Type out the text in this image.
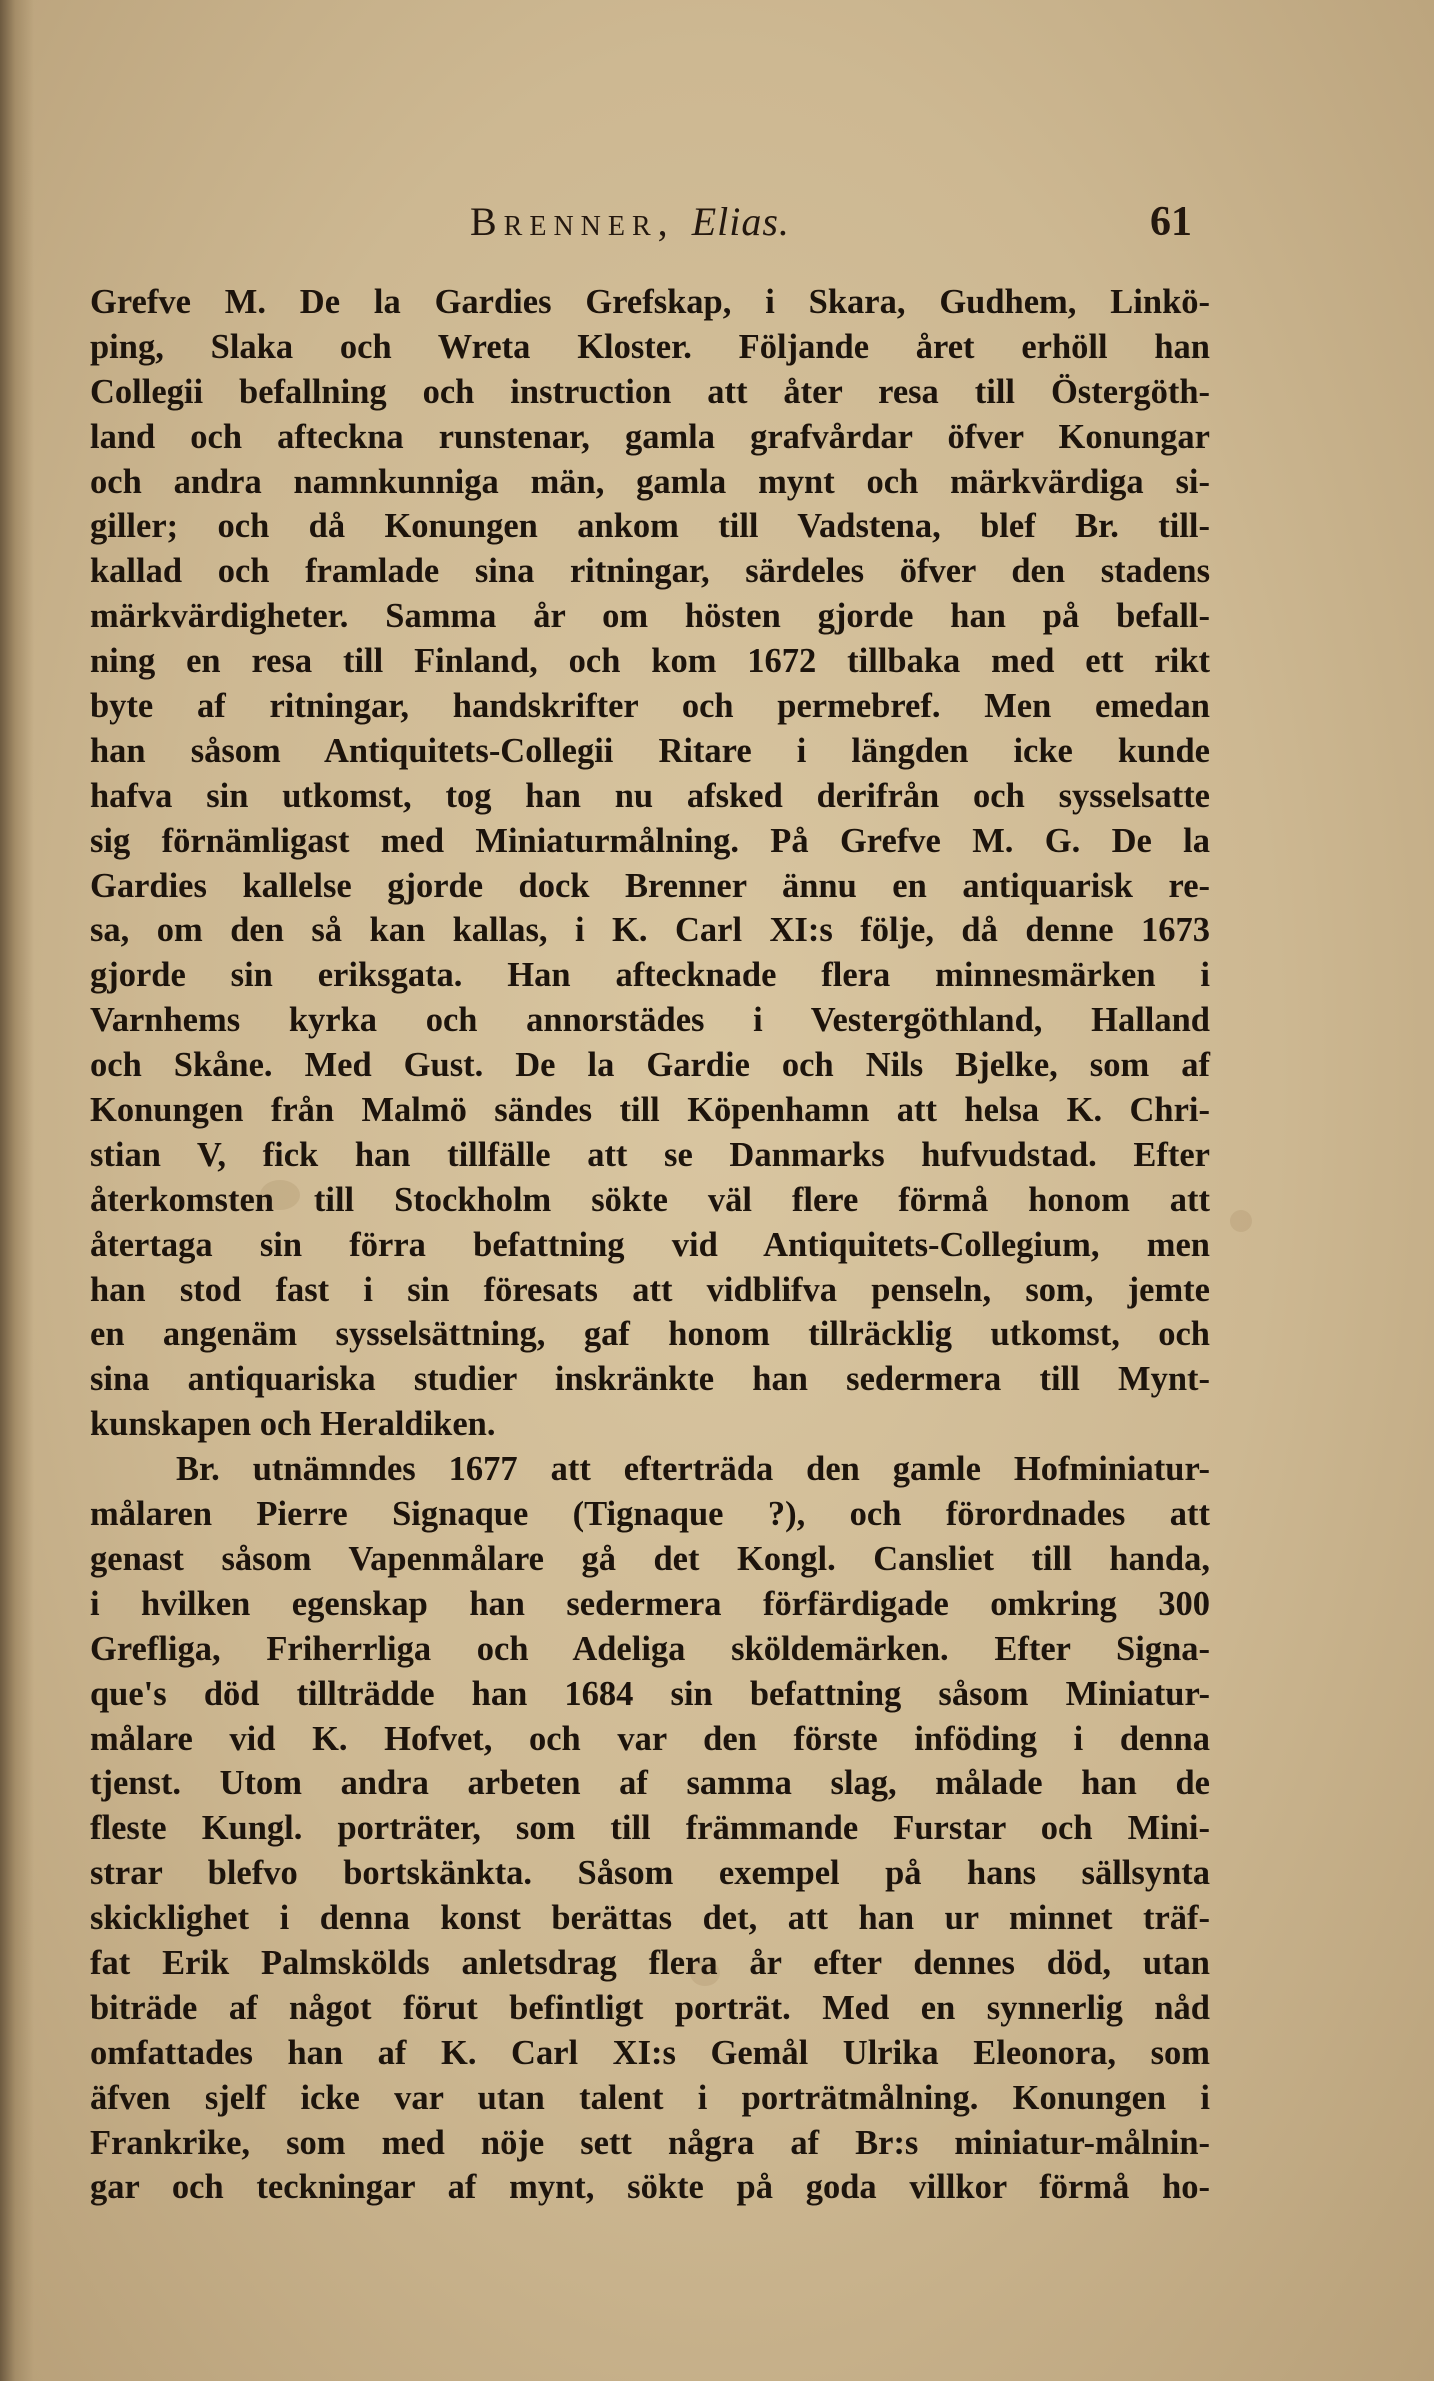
Brenner, Elias.	61
Grefve M. De la Gardies Grefskap, i Skara, Gudhem, Linkö-
ping, Slaka och Wreta Kloster. Följande året erhöll han
Collegii befallning och instruction att åter resa till Östergöth-
land och afteckna runstenar, gamla grafvårdar öfver Konungar
och andra namnkunniga män, gamla mynt och märkvärdiga si-
giller; och då Konungen ankom till Vadstena, blef Br. till-
kallad och framlade sina ritningar, särdeles öfver den stadens
märkvärdigheter. Samma år om hösten gjorde han på befall-
ning en resa till Finland, och kom 1672 tillbaka med ett rikt
byte af ritningar, handskrifter och permebref. Men emedan
han såsom Antiquitets-Collegii Ritare i längden icke kunde
hafva sin utkomst, tog han nu afsked derifrån och sysselsatte
sig förnämligast med Miniaturmålning. På Grefve M. G. De la
Gardies kallelse gjorde dock Brenner ännu en antiquarisk re-
sa, om den så kan kallas, i K. Carl XI:s följe, då denne 1673
gjorde sin eriksgata. Han aftecknade flera minnesmärken i
Varnhems kyrka och annorstädes i Vestergöthland, Halland
och Skåne. Med Gust. De la Gardie och Nils Bjelke, som af
Konungen från Malmö sändes till Köpenhamn att helsa K. Chri-
stian V, fick han tillfälle att se Danmarks hufvudstad. Efter
återkomsten till Stockholm sökte väl flere förmå honom att
återtaga sin förra befattning vid Antiquitets-Collegium, men
han stod fast i sin föresats att vidblifva penseln, som, jemte
en angenäm sysselsättning, gaf honom tillräcklig utkomst, och
sina antiquariska studier inskränkte han sedermera till Mynt-
kunskapen och Heraldiken.
Br. utnämndes 1677 att efterträda den gamle Hofminiatur-
målaren Pierre Signaque (Tignaque ?), och förordnades att
genast såsom Vapenmålare gå det Kongl. Cansliet till handa,
i hvilken egenskap han sedermera förfärdigade omkring 300
Grefliga, Friherrliga och Adeliga sköldemärken. Efter Signa-
que's död tillträdde han 1684 sin befattning såsom Miniatur-
målare vid K. Hofvet, och var den förste inföding i denna
tjenst. Utom andra arbeten af samma slag, målade han de
fleste Kungl. porträter, som till främmande Furstar och Mini-
strar blefvo bortskänkta. Såsom exempel på hans sällsynta
skicklighet i denna konst berättas det, att han ur minnet träf-
fat Erik Palmskölds anletsdrag flera år efter dennes död, utan
biträde af något förut befintligt porträt. Med en synnerlig nåd
omfattades han af K. Carl XI:s Gemål Ulrika Eleonora, som
äfven sjelf icke var utan talent i porträtmålning. Konungen i
Frankrike, som med nöje sett några af Br:s miniatur-målnin-
gar och teckningar af mynt, sökte på goda villkor förmå ho-
